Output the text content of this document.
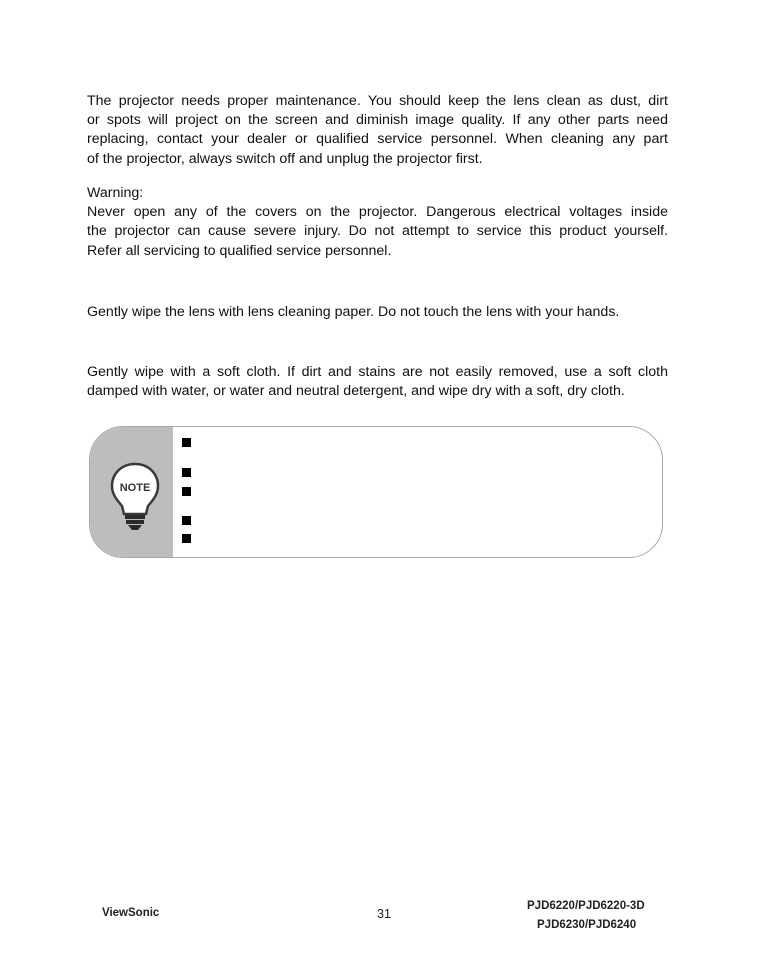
The projector needs proper maintenance. You should keep the lens clean as dust, dirt
or spots will project on the screen and diminish image quality. If any other parts need
replacing, contact your dealer or qualified service personnel. When cleaning any part
of the projector, always switch off and unplug the projector first.
Warning:
Never open any of the covers on the projector. Dangerous electrical voltages inside
the projector can cause severe injury. Do not attempt to service this product yourself.
Refer all servicing to qualified service personnel.
Gently wipe the lens with lens cleaning paper. Do not touch the lens with your hands.
Gently wipe with a soft cloth. If dirt and stains are not easily removed, use a soft cloth
damped with water, or water and neutral detergent, and wipe dry with a soft, dry cloth.
NOTE
ViewSonic	31
PJD6220/PJD6220-3D
PJD6230/PJD6240
